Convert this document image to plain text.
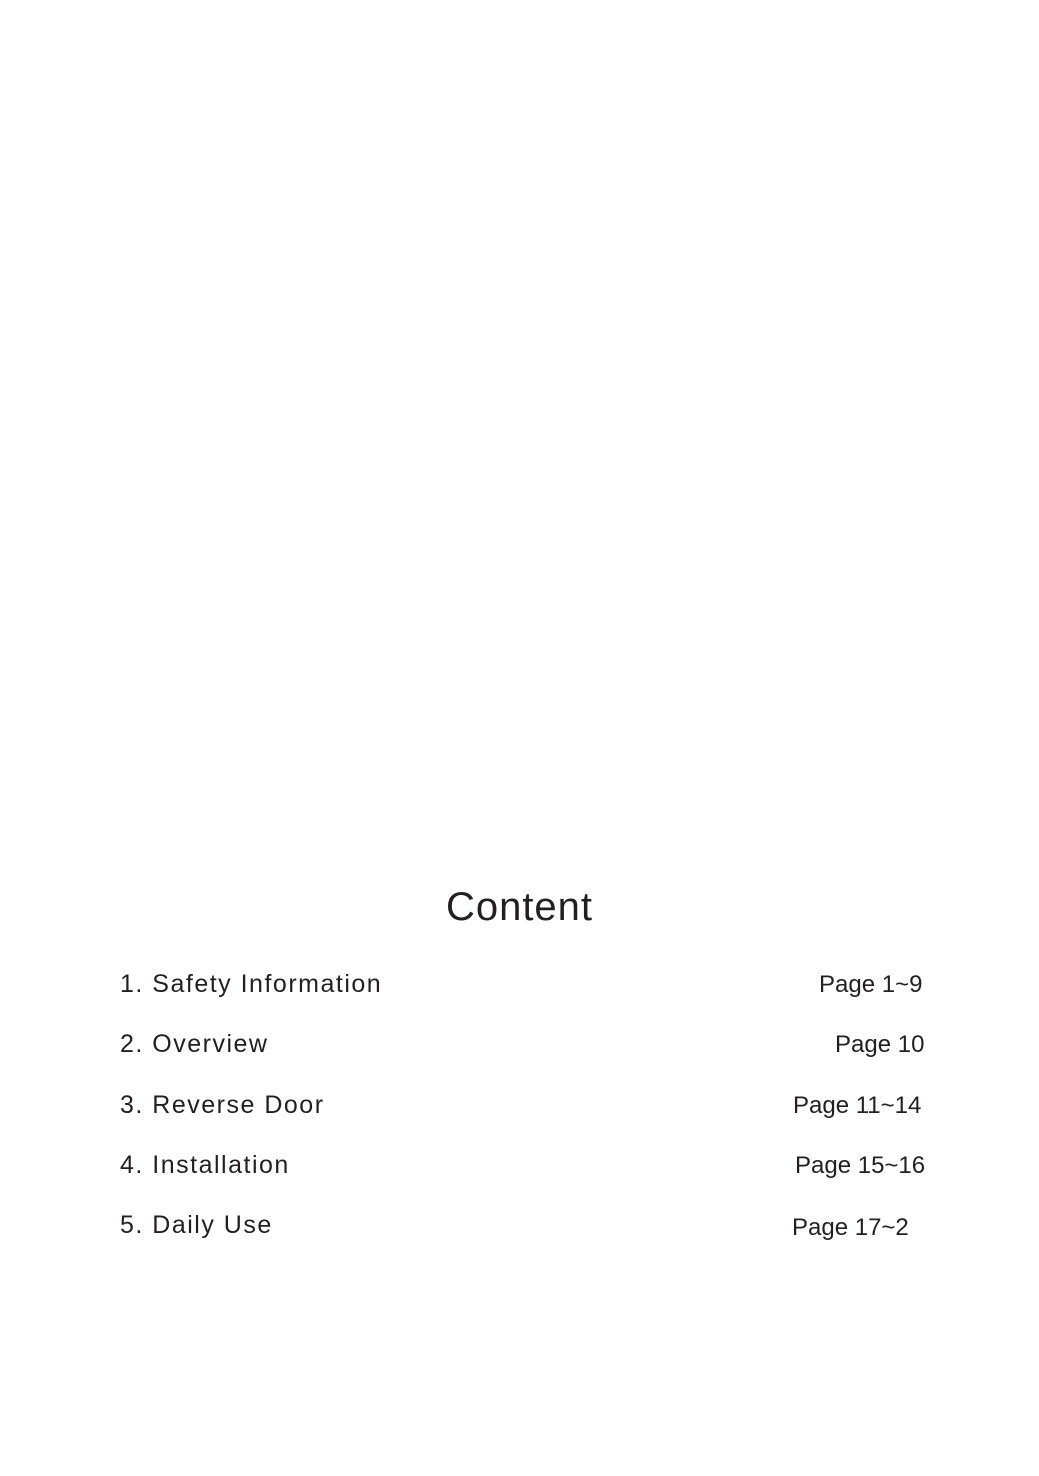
Content
1. Safety Information	Page 1~9
2. Overview	Page 10
3. Reverse Door	Page 11~14
4. Installation	Page 15~16
5. Daily Use	Page 17~2
